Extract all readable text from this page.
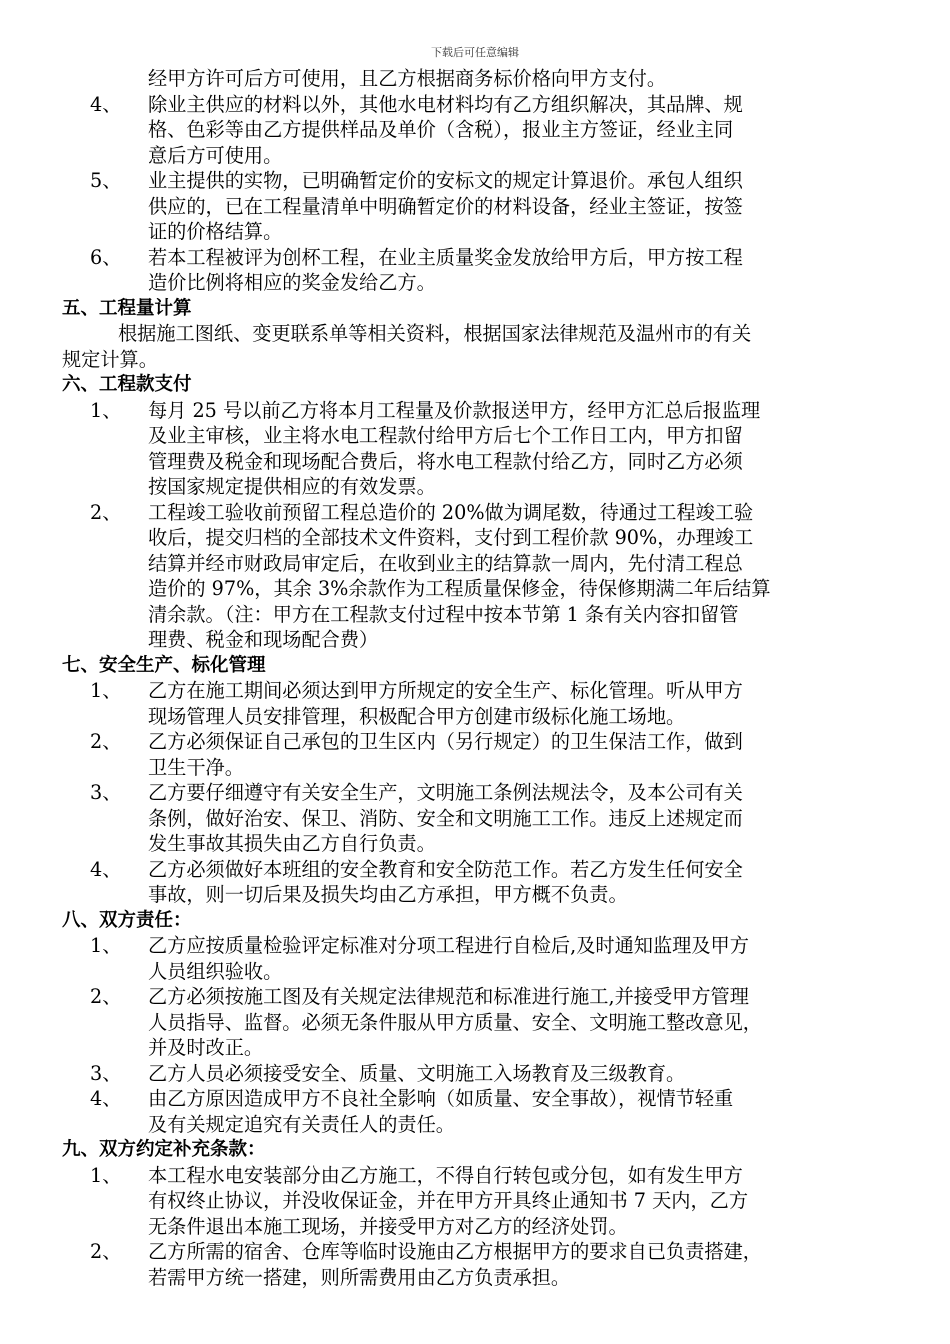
下载后可任意编辑

经甲方许可后方可使用，且乙方根据商务标价格向甲方支付。

4、	除业主供应的材料以外，其他水电材料均有乙方组织解决，其品牌、规
格、色彩等由乙方提供样品及单价（含税），报业主方签证，经业主同
意后方可使用。
5、	业主提供的实物，已明确暂定价的安标文的规定计算退价。承包人组织
供应的，已在工程量清单中明确暂定价的材料设备，经业主签证，按签
证的价格结算。
6、	若本工程被评为创杯工程，在业主质量奖金发放给甲方后，甲方按工程
造价比例将相应的奖金发给乙方。
五、工程量计算
根据施工图纸、变更联系单等相关资料，根据国家法律规范及温州市的有关
规定计算。
六、工程款支付
1、	每月 25 号以前乙方将本月工程量及价款报送甲方，经甲方汇总后报监理
及业主审核，业主将水电工程款付给甲方后七个工作日工内，甲方扣留
管理费及税金和现场配合费后，将水电工程款付给乙方，同时乙方必须
按国家规定提供相应的有效发票。
2、	工程竣工验收前预留工程总造价的 20%做为调尾数，待通过工程竣工验
收后，提交归档的全部技术文件资料，支付到工程价款 90%，办理竣工
结算并经市财政局审定后，在收到业主的结算款一周内，先付清工程总
造价的 97%，其余 3%余款作为工程质量保修金，待保修期满二年后结算
清余款。（注：甲方在工程款支付过程中按本节第 1 条有关内容扣留管
理费、税金和现场配合费）
七、安全生产、标化管理
1、	乙方在施工期间必须达到甲方所规定的安全生产、标化管理。听从甲方
现场管理人员安排管理，积极配合甲方创建市级标化施工场地。
2、	乙方必须保证自己承包的卫生区内（另行规定）的卫生保洁工作，做到
卫生干净。
3、	乙方要仔细遵守有关安全生产，文明施工条例法规法令，及本公司有关
条例，做好治安、保卫、消防、安全和文明施工工作。违反上述规定而
发生事故其损失由乙方自行负责。
4、	乙方必须做好本班组的安全教育和安全防范工作。若乙方发生任何安全
事故，则一切后果及损失均由乙方承担，甲方概不负责。
八、双方责任：
1、	乙方应按质量检验评定标准对分项工程进行自检后,及时通知监理及甲方
人员组织验收。
2、	乙方必须按施工图及有关规定法律规范和标准进行施工,并接受甲方管理
人员指导、监督。必须无条件服从甲方质量、安全、文明施工整改意见，
并及时改正。
3、	乙方人员必须接受安全、质量、文明施工入场教育及三级教育。
4、	由乙方原因造成甲方不良社全影响（如质量、安全事故），视情节轻重
及有关规定追究有关责任人的责任。
九、双方约定补充条款：
1、	本工程水电安装部分由乙方施工，不得自行转包或分包，如有发生甲方
有权终止协议，并没收保证金，并在甲方开具终止通知书 7 天内，乙方
无条件退出本施工现场，并接受甲方对乙方的经济处罚。
2、	乙方所需的宿舍、仓库等临时设施由乙方根据甲方的要求自已负责搭建，
若需甲方统一搭建，则所需费用由乙方负责承担。
